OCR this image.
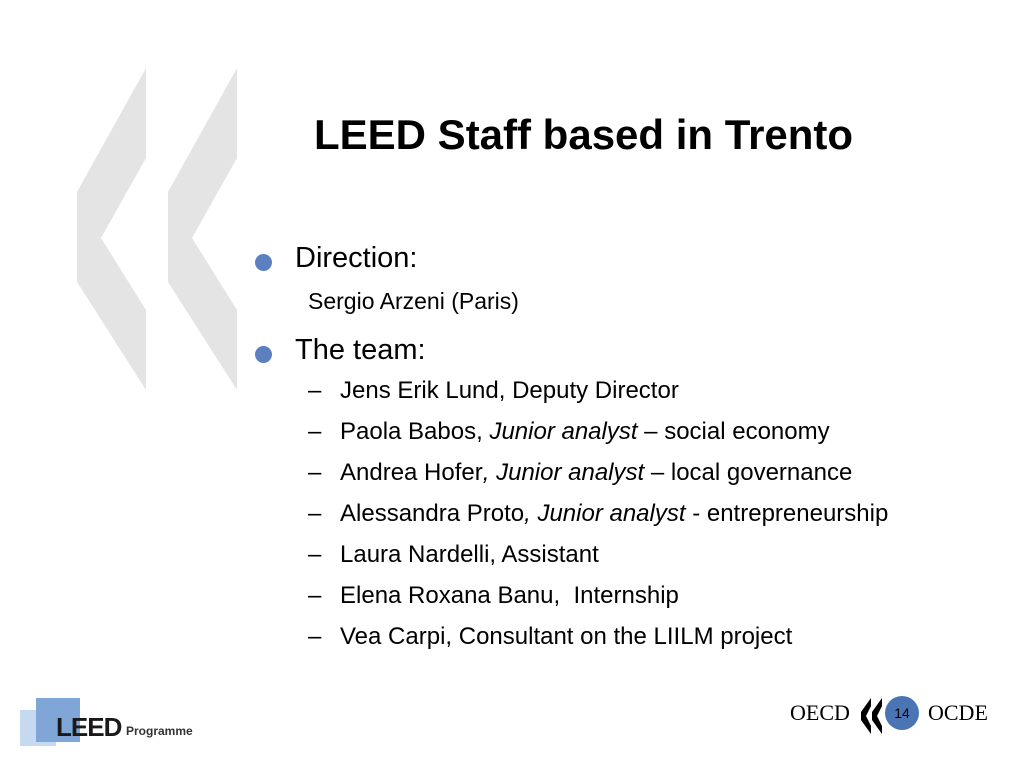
LEED Staff based in Trento
Direction:
Sergio Arzeni (Paris)
The team:
– Jens Erik Lund, Deputy Director
– Paola Babos, Junior analyst – social economy
– Andrea Hofer, Junior analyst – local governance
– Alessandra Proto, Junior analyst - entrepreneurship
– Laura Nardelli, Assistant
– Elena Roxana Banu,  Internship
– Vea Carpi, Consultant on the LIILM project
LEED Programme
OECD	14 OCDE
